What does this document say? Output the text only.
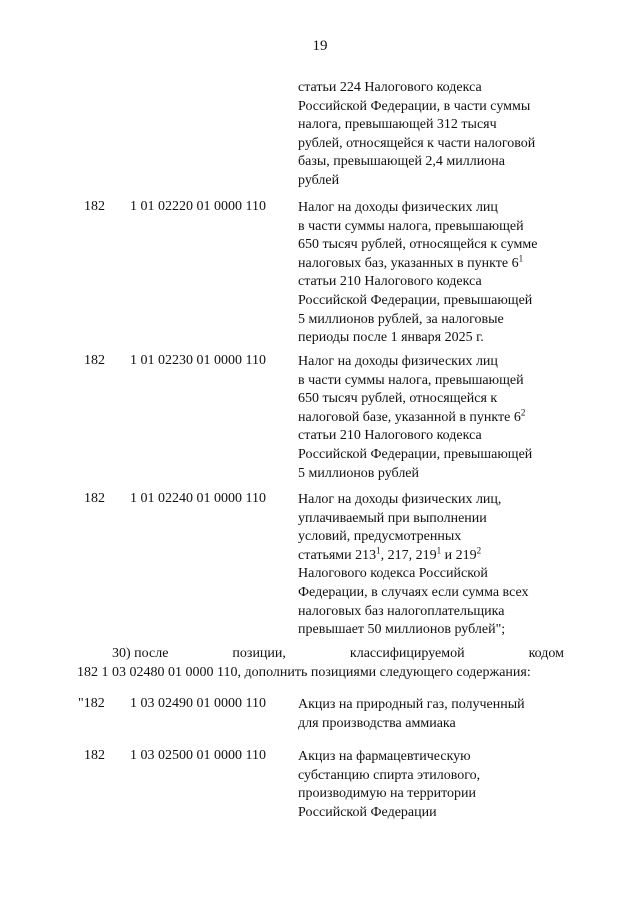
19
статьи 224 Налогового кодекса
Российской Федерации, в части суммы
налога, превышающей 312 тысяч
рублей, относящейся к части налоговой
базы, превышающей 2,4 миллиона
рублей
182 1 01 02220 01 0000 110 Налог на доходы физических лиц
в части суммы налога, превышающей
650 тысяч рублей, относящейся к сумме
налоговых баз, указанных в пункте $6^1$
статьи 210 Налогового кодекса
Российской Федерации, превышающей
5 миллионов рублей, за налоговые
периоды после 1 января 2025 г.
182 1 01 02230 01 0000 110 Налог на доходы физических лиц
в части суммы налога, превышающей
650 тысяч рублей, относящейся к
налоговой базе, указанной в пункте $6^2$
статьи 210 Налогового кодекса
Российской Федерации, превышающей
5 миллионов рублей
182 1 01 02240 01 0000 110 Налог на доходы физических лиц,
уплачиваемый при выполнении
условий, предусмотренных
статьями $213^1$, 217, $219^1$ и $219^2$
Налогового кодекса Российской
Федерации, в случаях если сумма всех
налоговых баз налогоплательщика
превышает 50 миллионов рублей";
30) после	позиции,	классифицируемой	кодом
182 1 03 02480 01 0000 110, дополнить позициями следующего содержания:
"182 1 03 02490 01 0000 110 Акциз на природный газ, полученный
для производства аммиака
182 1 03 02500 01 0000 110 Акциз на фармацевтическую
субстанцию спирта этилового,
производимую на территории
Российской Федерации
